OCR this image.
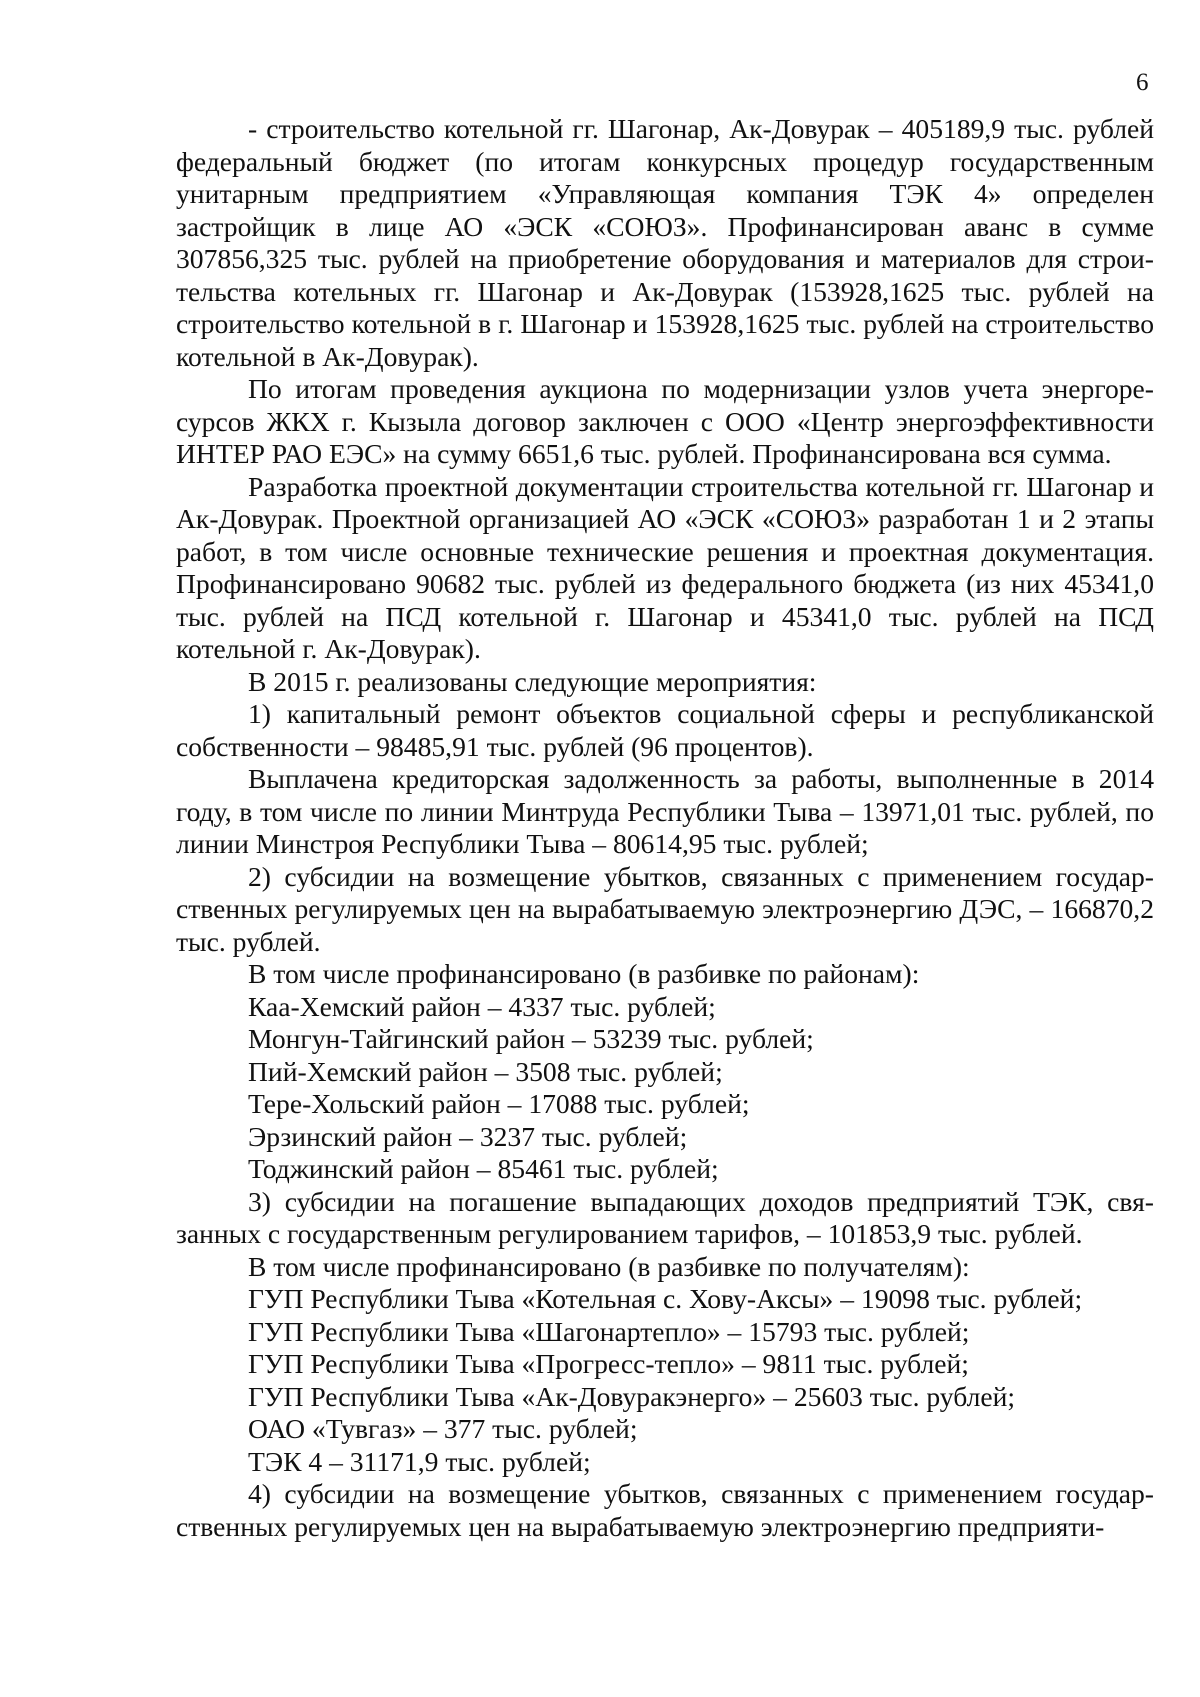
6

- строительство котельной гг. Шагонар, Ак-Довурак – 405189,9 тыс. рублей федеральный бюджет (по итогам конкурсных процедур государственным унитарным предприятием «Управляющая компания ТЭК 4» определен застройщик в лице АО «ЭСК «СОЮЗ». Профинансирован аванс в сумме 307856,325 тыс. рублей на приобретение оборудования и материалов для строительства котельных гг. Шагонар и Ак-Довурак (153928,1625 тыс. рублей на строительство котельной в г. Шагонар и 153928,1625 тыс. рублей на строительство котельной в Ак-Довурак).

По итогам проведения аукциона по модернизации узлов учета энергоресурсов ЖКХ г. Кызыла договор заключен с ООО «Центр энергоэффективности ИНТЕР РАО ЕЭС» на сумму 6651,6 тыс. рублей. Профинансирована вся сумма.

Разработка проектной документации строительства котельной гг. Шагонар и Ак-Довурак. Проектной организацией АО «ЭСК «СОЮЗ» разработан 1 и 2 этапы работ, в том числе основные технические решения и проектная документация. Профинансировано 90682 тыс. рублей из федерального бюджета (из них 45341,0 тыс. рублей на ПСД котельной г. Шагонар и 45341,0 тыс. рублей на ПСД котельной г. Ак-Довурак).

В 2015 г. реализованы следующие мероприятия:

1) капитальный ремонт объектов социальной сферы и республиканской собственности – 98485,91 тыс. рублей (96 процентов).

Выплачена кредиторская задолженность за работы, выполненные в 2014 году, в том числе по линии Минтруда Республики Тыва – 13971,01 тыс. рублей, по линии Минстроя Республики Тыва – 80614,95 тыс. рублей;

2) субсидии на возмещение убытков, связанных с применением государственных регулируемых цен на вырабатываемую электроэнергию ДЭС, – 166870,2 тыс. рублей.

В том числе профинансировано (в разбивке по районам):

Каа-Хемский район – 4337 тыс. рублей;

Монгун-Тайгинский район – 53239 тыс. рублей;

Пий-Хемский район – 3508 тыс. рублей;

Тере-Хольский район – 17088 тыс. рублей;

Эрзинский район – 3237 тыс. рублей;

Тоджинский район – 85461 тыс. рублей;

3) субсидии на погашение выпадающих доходов предприятий ТЭК, связанных с государственным регулированием тарифов, – 101853,9 тыс. рублей.

В том числе профинансировано (в разбивке по получателям):

ГУП Республики Тыва «Котельная с. Хову-Аксы» – 19098 тыс. рублей;

ГУП Республики Тыва «Шагонартепло» – 15793 тыс. рублей;

ГУП Республики Тыва «Прогресс-тепло» – 9811 тыс. рублей;

ГУП Республики Тыва «Ак-Довуракэнерго» – 25603 тыс. рублей;

ОАО «Тувгаз» – 377 тыс. рублей;

ТЭК 4 – 31171,9 тыс. рублей;

4) субсидии на возмещение убытков, связанных с применением государственных регулируемых цен на вырабатываемую электроэнергию предприяти-
